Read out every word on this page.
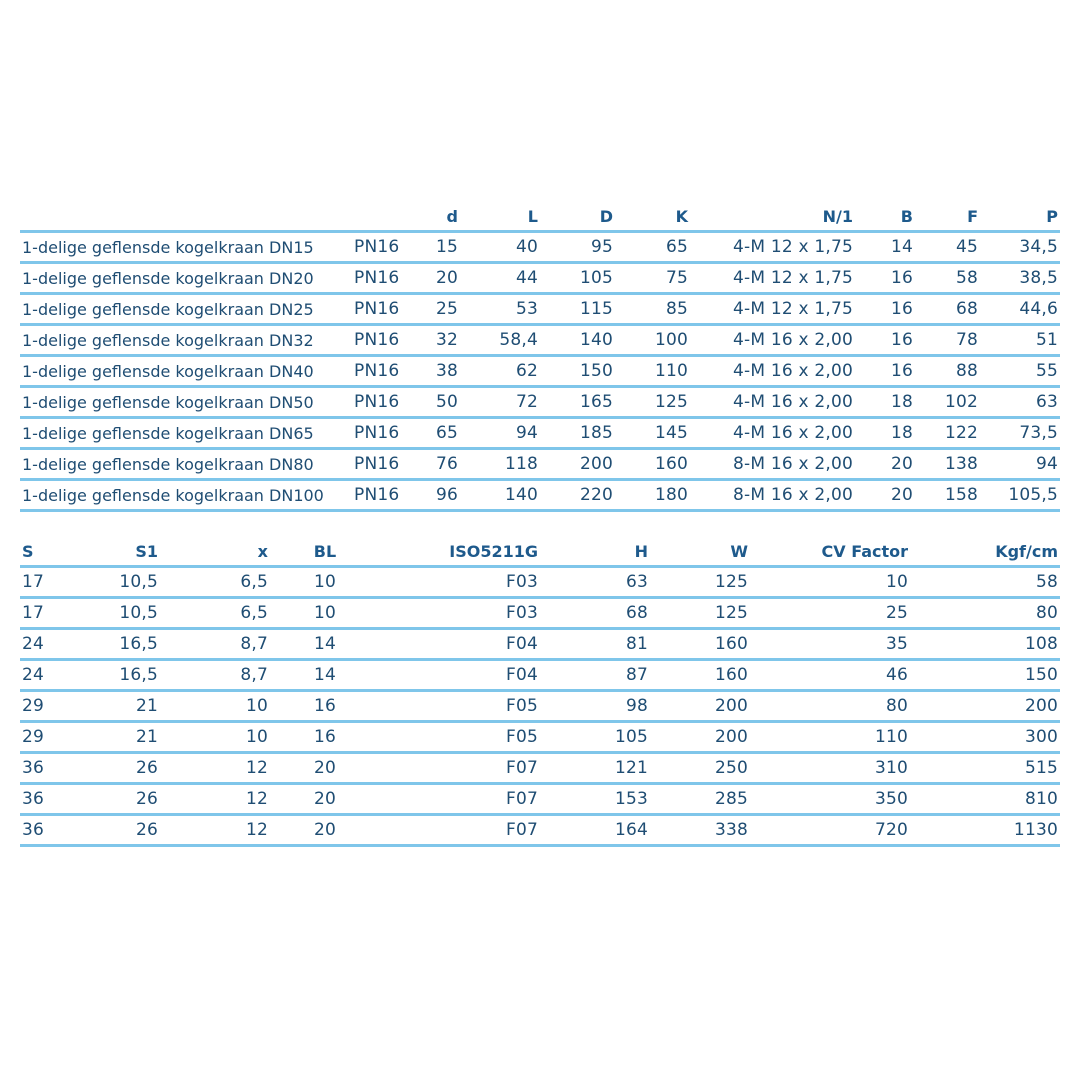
		d	L	D	K	N/1	B	F	P
1-delige geflensde kogelkraan DN15	PN16	15	40	95	65	4-M 12 x 1,75	14	45	34,5
1-delige geflensde kogelkraan DN20	PN16	20	44	105	75	4-M 12 x 1,75	16	58	38,5
1-delige geflensde kogelkraan DN25	PN16	25	53	115	85	4-M 12 x 1,75	16	68	44,6
1-delige geflensde kogelkraan DN32	PN16	32	58,4	140	100	4-M 16 x 2,00	16	78	51
1-delige geflensde kogelkraan DN40	PN16	38	62	150	110	4-M 16 x 2,00	16	88	55
1-delige geflensde kogelkraan DN50	PN16	50	72	165	125	4-M 16 x 2,00	18	102	63
1-delige geflensde kogelkraan DN65	PN16	65	94	185	145	4-M 16 x 2,00	18	122	73,5
1-delige geflensde kogelkraan DN80	PN16	76	118	200	160	8-M 16 x 2,00	20	138	94
1-delige geflensde kogelkraan DN100	PN16	96	140	220	180	8-M 16 x 2,00	20	158	105,5
S	S1	x	BL	ISO5211G	H	W	CV Factor	Kgf/cm
17	10,5	6,5	10	F03	63	125	10	58
17	10,5	6,5	10	F03	68	125	25	80
24	16,5	8,7	14	F04	81	160	35	108
24	16,5	8,7	14	F04	87	160	46	150
29	21	10	16	F05	98	200	80	200
29	21	10	16	F05	105	200	110	300
36	26	12	20	F07	121	250	310	515
36	26	12	20	F07	153	285	350	810
36	26	12	20	F07	164	338	720	1130
